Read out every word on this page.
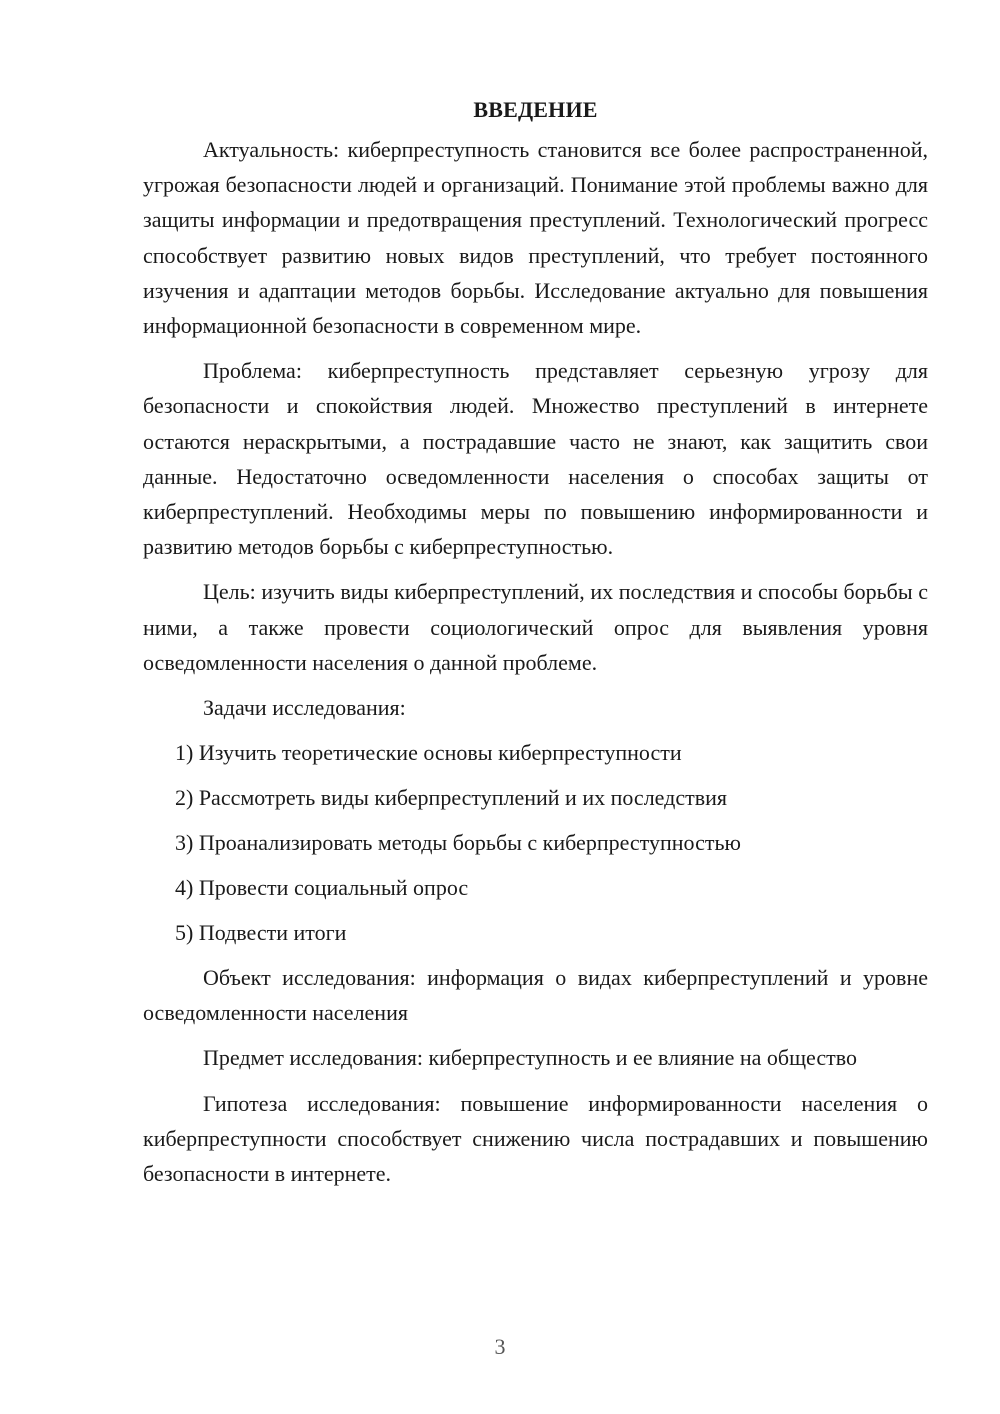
ВВЕДЕНИЕ

Актуальность: киберпреступность становится все более распространенной, угрожая безопасности людей и организаций. Понимание этой проблемы важно для защиты информации и предотвращения преступлений. Технологический прогресс способствует развитию новых видов преступлений, что требует постоянного изучения и адаптации методов борьбы. Исследование актуально для повышения информационной безопасности в современном мире.

Проблема: киберпреступность представляет серьезную угрозу для безопасности и спокойствия людей. Множество преступлений в интернете остаются нераскрытыми, а пострадавшие часто не знают, как защитить свои данные. Недостаточно осведомленности населения о способах защиты от киберпреступлений. Необходимы меры по повышению информированности и развитию методов борьбы с киберпреступностью.

Цель: изучить виды киберпреступлений, их последствия и способы борьбы с ними, а также провести социологический опрос для выявления уровня осведомленности населения о данной проблеме.

Задачи исследования:
1) Изучить теоретические основы киберпреступности
2) Рассмотреть виды киберпреступлений и их последствия
3) Проанализировать методы борьбы с киберпреступностью
4) Провести социальный опрос
5) Подвести итоги

Объект исследования: информация о видах киберпреступлений и уровне осведомленности населения

Предмет исследования: киберпреступность и ее влияние на общество

Гипотеза исследования: повышение информированности населения о киберпреступности способствует снижению числа пострадавших и повышению безопасности в интернете.

3
